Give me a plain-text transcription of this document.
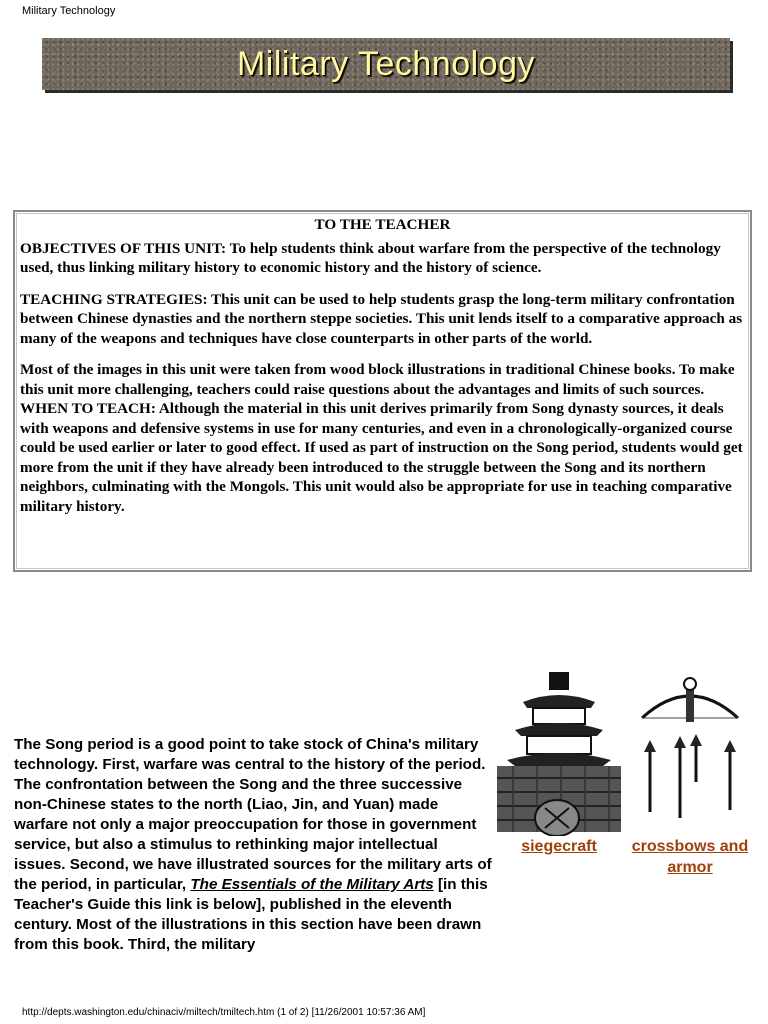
Military Technology
Military Technology
TO THE TEACHER

OBJECTIVES OF THIS UNIT: To help students think about warfare from the perspective of the technology used, thus linking military history to economic history and the history of science.

TEACHING STRATEGIES: This unit can be used to help students grasp the long-term military confrontation between Chinese dynasties and the northern steppe societies. This unit lends itself to a comparative approach as many of the weapons and techniques have close counterparts in other parts of the world.

Most of the images in this unit were taken from wood block illustrations in traditional Chinese books. To make this unit more challenging, teachers could raise questions about the advantages and limits of such sources.

WHEN TO TEACH: Although the material in this unit derives primarily from Song dynasty sources, it deals with weapons and defensive systems in use for many centuries, and even in a chronologically-organized course could be used earlier or later to good effect. If used as part of instruction on the Song period, students would get more from the unit if they have already been introduced to the struggle between the Song and its northern neighbors, culminating with the Mongols. This unit would also be appropriate for use in teaching comparative military history.

The Song period is a good point to take stock of China's military technology. First, warfare was central to the history of the period. The confrontation between the Song and the three successive non-Chinese states to the north (Liao, Jin, and Yuan) made warfare not only a major preoccupation for those in government service, but also a stimulus to rethinking major intellectual issues. Second, we have illustrated sources for the military arts of the period, in particular, The Essentials of the Military Arts [in this Teacher's Guide this link is below], published in the eleventh century. Most of the illustrations in this section have been drawn from this book. Third, the military

siegecraft	crossbows and armor
http://depts.washington.edu/chinaciv/miltech/tmiltech.htm (1 of 2) [11/26/2001 10:57:36 AM]
